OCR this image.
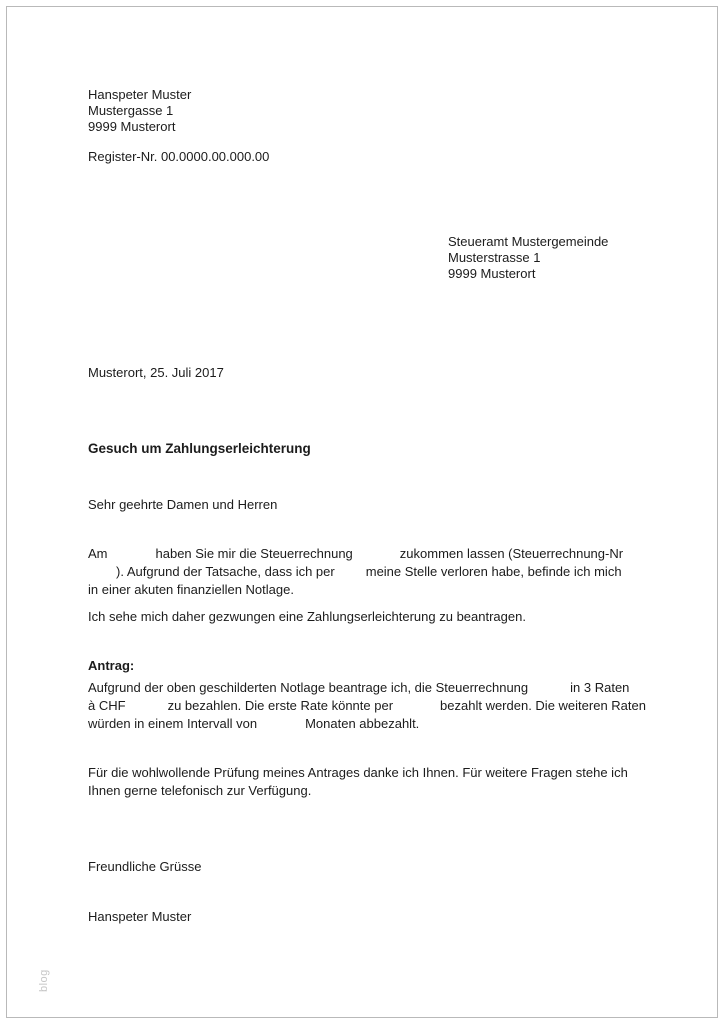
Hanspeter Muster
Mustergasse 1
9999 Musterort
Register-Nr. 00.0000.00.000.00
Steueramt Mustergemeinde
Musterstrasse 1
9999 Musterort
Musterort, 25. Juli 2017
Gesuch um Zahlungserleichterung
Sehr geehrte Damen und Herren
Am	haben Sie mir die Steuerrechnung	zukommen lassen (Steuerrechnung-Nr
). Aufgrund der Tatsache, dass ich per meine Stelle verloren habe, befinde ich mich
in einer akuten finanziellen Notlage.
Ich sehe mich daher gezwungen eine Zahlungserleichterung zu beantragen.
Antrag:
Aufgrund der oben geschilderten Notlage beantrage ich, die Steuerrechnung	in 3 Raten
à CHF	zu bezahlen. Die erste Rate könnte per	bezahlt werden. Die weiteren Raten
würden in einem Intervall von	Monaten abbezahlt.
Für die wohlwollende Prüfung meines Antrages danke ich Ihnen. Für weitere Fragen stehe ich
Ihnen gerne telefonisch zur Verfügung.
Freundliche Grüsse
Hanspeter Muster
blog
